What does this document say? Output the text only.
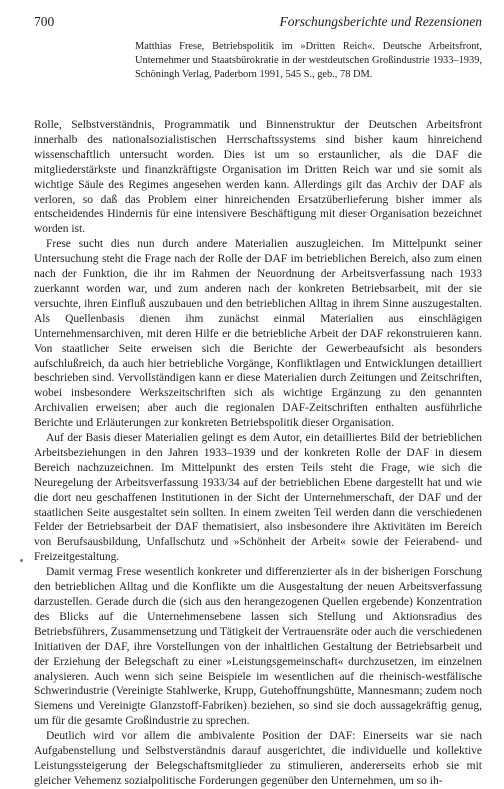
700	Forschungsberichte und Rezensionen
Matthias Frese, Betriebspolitik im »Dritten Reich«. Deutsche Arbeitsfront, Unternehmer und Staatsbürokratie in der westdeutschen Großindustrie 1933–1939, Schöningh Verlag, Paderborn 1991, 545 S., geb., 78 DM.

Rolle, Selbstverständnis, Programmatik und Binnenstruktur der Deutschen Arbeitsfront innerhalb des nationalsozialistischen Herrschaftssystems sind bisher kaum hinreichend wissenschaftlich untersucht worden. Dies ist um so erstaunlicher, als die DAF die mitgliederstärkste und finanzkräftigste Organisation im Dritten Reich war und sie somit als wichtige Säule des Regimes angesehen werden kann. Allerdings gilt das Archiv der DAF als verloren, so daß das Problem einer hinreichenden Ersatzüberlieferung bisher immer als entscheidendes Hindernis für eine intensivere Beschäftigung mit dieser Organisation bezeichnet worden ist.

Frese sucht dies nun durch andere Materialien auszugleichen. Im Mittelpunkt seiner Untersuchung steht die Frage nach der Rolle der DAF im betrieblichen Bereich, also zum einen nach der Funktion, die ihr im Rahmen der Neuordnung der Arbeitsverfassung nach 1933 zuerkannt worden war, und zum anderen nach der konkreten Betriebsarbeit, mit der sie versuchte, ihren Einfluß auszubauen und den betrieblichen Alltag in ihrem Sinne auszugestalten. Als Quellenbasis dienen ihm zunächst einmal Materialien aus einschlägigen Unternehmensarchiven, mit deren Hilfe er die betriebliche Arbeit der DAF rekonstruieren kann. Von staatlicher Seite erweisen sich die Berichte der Gewerbeaufsicht als besonders aufschlußreich, da auch hier betriebliche Vorgänge, Konfliktlagen und Entwicklungen detailliert beschrieben sind. Vervollständigen kann er diese Materialien durch Zeitungen und Zeitschriften, wobei insbesondere Werkszeitschriften sich als wichtige Ergänzung zu den genannten Archivalien erweisen; aber auch die regionalen DAF-Zeitschriften enthalten ausführliche Berichte und Erläuterungen zur konkreten Betriebspolitik dieser Organisation.

Auf der Basis dieser Materialien gelingt es dem Autor, ein detailliertes Bild der betrieblichen Arbeitsbeziehungen in den Jahren 1933–1939 und der konkreten Rolle der DAF in diesem Bereich nachzuzeichnen. Im Mittelpunkt des ersten Teils steht die Frage, wie sich die Neuregelung der Arbeitsverfassung 1933/34 auf der betrieblichen Ebene dargestellt hat und wie die dort neu geschaffenen Institutionen in der Sicht der Unternehmerschaft, der DAF und der staatlichen Seite ausgestaltet sein sollten. In einem zweiten Teil werden dann die verschiedenen Felder der Betriebsarbeit der DAF thematisiert, also insbesondere ihre Aktivitäten im Bereich von Berufsausbildung, Unfallschutz und »Schönheit der Arbeit« sowie der Feierabend- und Freizeitgestaltung.

Damit vermag Frese wesentlich konkreter und differenzierter als in der bisherigen Forschung den betrieblichen Alltag und die Konflikte um die Ausgestaltung der neuen Arbeitsverfassung darzustellen. Gerade durch die (sich aus den herangezogenen Quellen ergebende) Konzentration des Blicks auf die Unternehmensebene lassen sich Stellung und Aktionsradius des Betriebsführers, Zusammensetzung und Tätigkeit der Vertrauensräte oder auch die verschiedenen Initiativen der DAF, ihre Vorstellungen von der inhaltlichen Gestaltung der Betriebsarbeit und der Erziehung der Belegschaft zu einer »Leistungsgemeinschaft« durchzusetzen, im einzelnen analysieren. Auch wenn sich seine Beispiele im wesentlichen auf die rheinisch-westfälische Schwerindustrie (Vereinigte Stahlwerke, Krupp, Gutehoffnungshütte, Mannesmann; zudem noch Siemens und Vereinigte Glanzstoff-Fabriken) beziehen, so sind sie doch aussagekräftig genug, um für die gesamte Großindustrie zu sprechen.

Deutlich wird vor allem die ambivalente Position der DAF: Einerseits war sie nach Aufgabenstellung und Selbstverständnis darauf ausgerichtet, die individuelle und kollektive Leistungssteigerung der Belegschaftsmitglieder zu stimulieren, andererseits erhob sie mit gleicher Vehemenz sozialpolitische Forderungen gegenüber den Unternehmen, um so ih-
